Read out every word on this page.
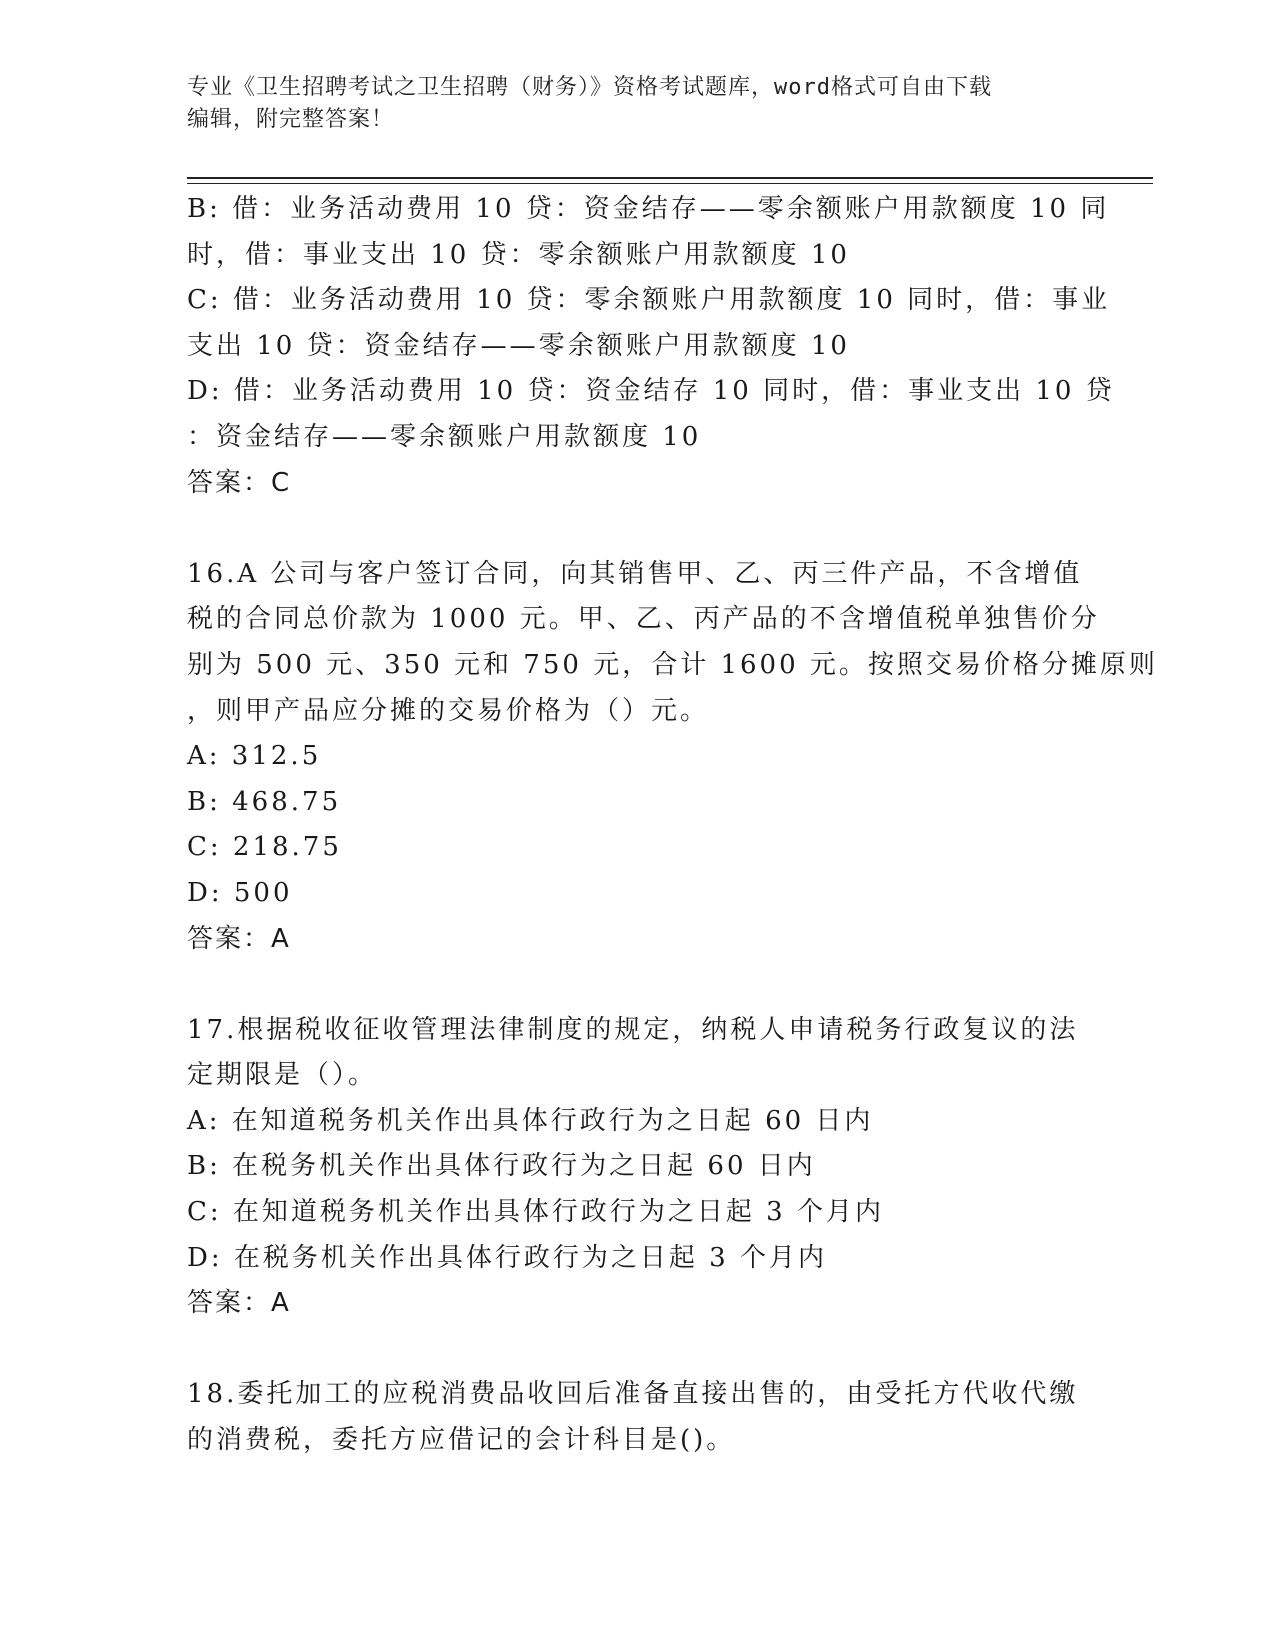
专业《卫生招聘考试之卫生招聘（财务）》资格考试题库，word格式可自由下载
编辑，附完整答案！
B: 借：业务活动费用 10 贷：资金结存——零余额账户用款额度 10 同
时，借：事业支出 10 贷：零余额账户用款额度 10
C: 借：业务活动费用 10 贷：零余额账户用款额度 10 同时，借：事业
支出 10 贷：资金结存——零余额账户用款额度 10
D: 借：业务活动费用 10 贷：资金结存 10 同时，借：事业支出 10 贷
：资金结存——零余额账户用款额度 10
答案：C
16.A 公司与客户签订合同，向其销售甲、乙、丙三件产品，不含增值
税的合同总价款为 1000 元。甲、乙、丙产品的不含增值税单独售价分
别为 500 元、350 元和 750 元，合计 1600 元。按照交易价格分摊原则
，则甲产品应分摊的交易价格为（）元。
A: 312.5
B: 468.75
C: 218.75
D: 500
答案：A
17.根据税收征收管理法律制度的规定，纳税人申请税务行政复议的法
定期限是（）。
A: 在知道税务机关作出具体行政行为之日起 60 日内
B: 在税务机关作出具体行政行为之日起 60 日内
C: 在知道税务机关作出具体行政行为之日起 3 个月内
D: 在税务机关作出具体行政行为之日起 3 个月内
答案：A
18.委托加工的应税消费品收回后准备直接出售的，由受托方代收代缴
的消费税，委托方应借记的会计科目是()。
